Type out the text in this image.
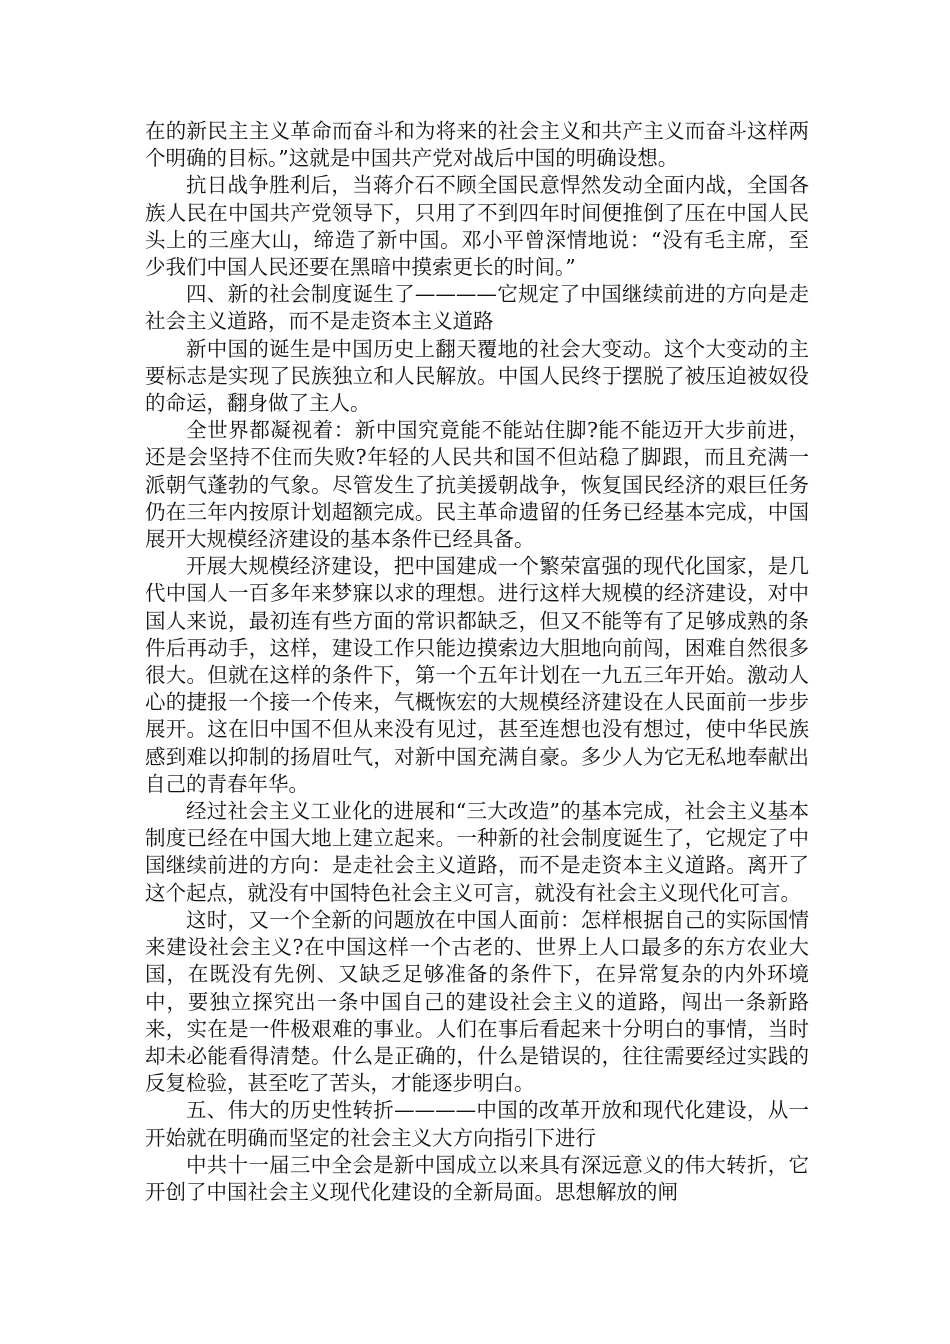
在的新民主主义革命而奋斗和为将来的社会主义和共产主义而奋斗这样两个明确的目标。”这就是中国共产党对战后中国的明确设想。

抗日战争胜利后，当蒋介石不顾全国民意悍然发动全面内战，全国各族人民在中国共产党领导下，只用了不到四年时间便推倒了压在中国人民头上的三座大山，缔造了新中国。邓小平曾深情地说：“没有毛主席，至少我们中国人民还要在黑暗中摸索更长的时间。”

四、新的社会制度诞生了————它规定了中国继续前进的方向是走社会主义道路，而不是走资本主义道路

新中国的诞生是中国历史上翻天覆地的社会大变动。这个大变动的主要标志是实现了民族独立和人民解放。中国人民终于摆脱了被压迫被奴役的命运，翻身做了主人。

全世界都凝视着：新中国究竟能不能站住脚?能不能迈开大步前进，还是会坚持不住而失败?年轻的人民共和国不但站稳了脚跟，而且充满一派朝气蓬勃的气象。尽管发生了抗美援朝战争，恢复国民经济的艰巨任务仍在三年内按原计划超额完成。民主革命遗留的任务已经基本完成，中国展开大规模经济建设的基本条件已经具备。

开展大规模经济建设，把中国建成一个繁荣富强的现代化国家，是几代中国人一百多年来梦寐以求的理想。进行这样大规模的经济建设，对中国人来说，最初连有些方面的常识都缺乏，但又不能等有了足够成熟的条件后再动手，这样，建设工作只能边摸索边大胆地向前闯，困难自然很多很大。但就在这样的条件下，第一个五年计划在一九五三年开始。激动人心的捷报一个接一个传来，气概恢宏的大规模经济建设在人民面前一步步展开。这在旧中国不但从来没有见过，甚至连想也没有想过，使中华民族感到难以抑制的扬眉吐气，对新中国充满自豪。多少人为它无私地奉献出自己的青春年华。

经过社会主义工业化的进展和“三大改造”的基本完成，社会主义基本制度已经在中国大地上建立起来。一种新的社会制度诞生了，它规定了中国继续前进的方向：是走社会主义道路，而不是走资本主义道路。离开了这个起点，就没有中国特色社会主义可言，就没有社会主义现代化可言。

这时，又一个全新的问题放在中国人面前：怎样根据自己的实际国情来建设社会主义?在中国这样一个古老的、世界上人口最多的东方农业大国，在既没有先例、又缺乏足够准备的条件下，在异常复杂的内外环境中，要独立探究出一条中国自己的建设社会主义的道路，闯出一条新路来，实在是一件极艰难的事业。人们在事后看起来十分明白的事情，当时却未必能看得清楚。什么是正确的，什么是错误的，往往需要经过实践的反复检验，甚至吃了苦头，才能逐步明白。

五、伟大的历史性转折————中国的改革开放和现代化建设，从一开始就在明确而坚定的社会主义大方向指引下进行

中共十一届三中全会是新中国成立以来具有深远意义的伟大转折，它开创了中国社会主义现代化建设的全新局面。思想解放的闸
